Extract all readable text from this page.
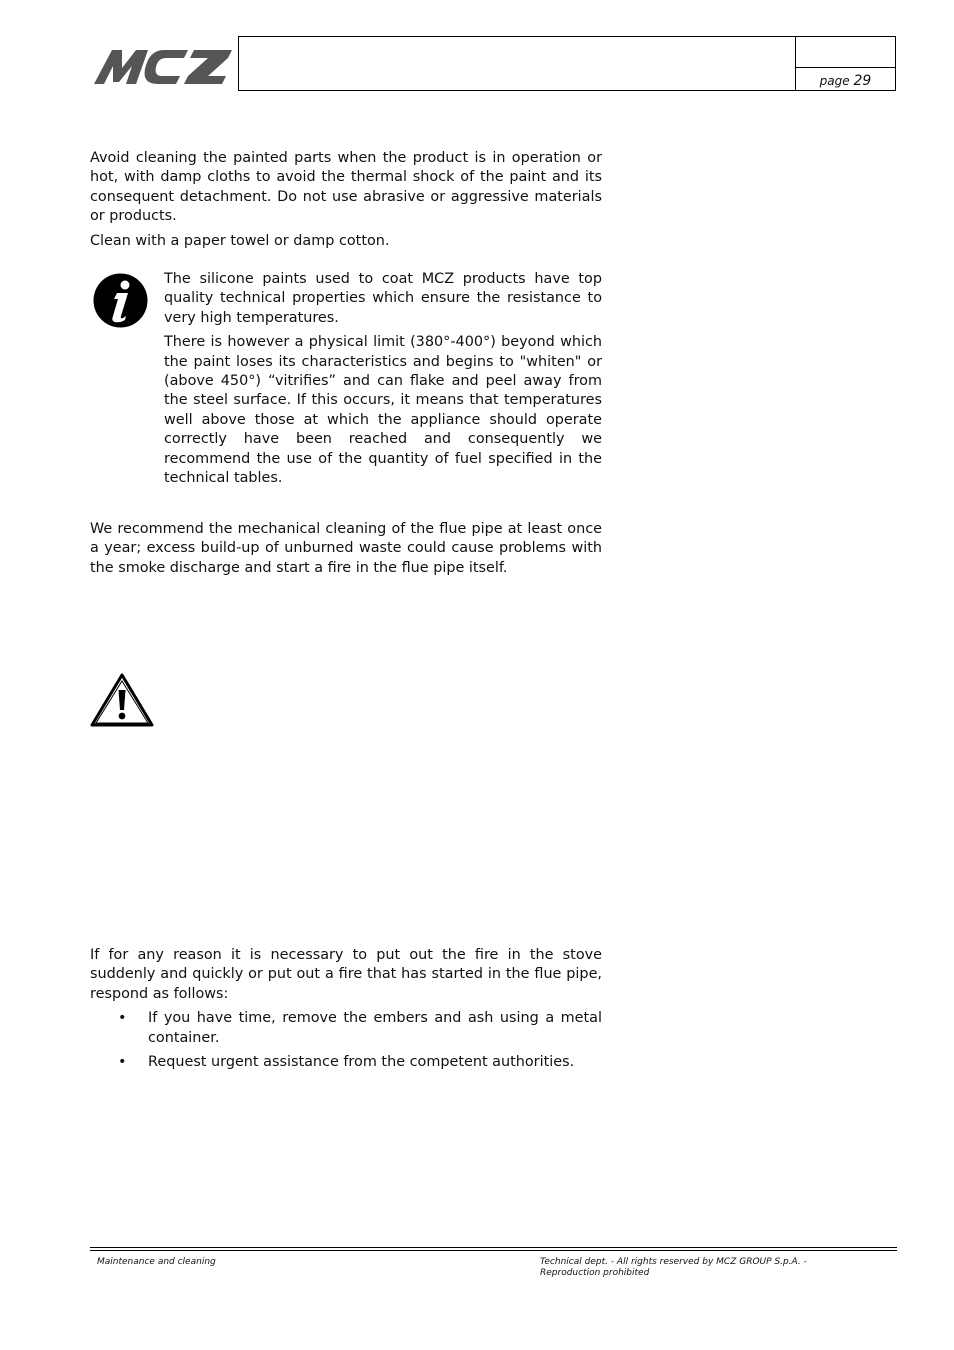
page 29

Avoid cleaning the painted parts when the product is in operation or hot, with damp cloths to avoid the thermal shock of the paint and its consequent detachment. Do not use abrasive or aggressive materials or products.

Clean with a paper towel or damp cotton.

The silicone paints used to coat MCZ products have top quality technical properties which ensure the resistance to very high temperatures.

There is however a physical limit (380°-400°) beyond which the paint loses its characteristics and begins to "whiten" or (above 450°) “vitrifies” and can flake and peel away from the steel surface. If this occurs, it means that temperatures well above those at which the appliance should operate correctly have been reached and consequently we recommend the use of the quantity of fuel specified in the technical tables.

We recommend the mechanical cleaning of the flue pipe at least once a year; excess build-up of unburned waste could cause problems with the smoke discharge and start a fire in the flue pipe itself.

If for any reason it is necessary to put out the fire in the stove suddenly and quickly or put out a fire that has started in the flue pipe, respond as follows:

• If you have time, remove the embers and ash using a metal container.
• Request urgent assistance from the competent authorities.
Maintenance and cleaning	Technical dept. - All rights reserved by MCZ GROUP S.p.A. - Reproduction prohibited
